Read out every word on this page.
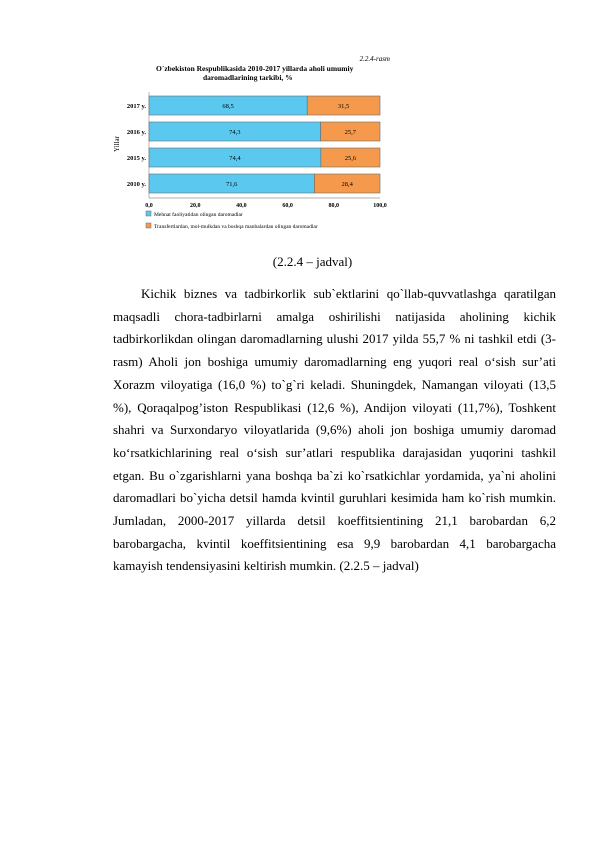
2.2.4-rasm
O`zbekiston Respublikasida 2010-2017 yillarda aholi umumiy
daromadlarining tarkibi, %
Yillar
2017 y.	68,5	31,5
2016 y.	74,3	25,7
2015 y.	74,4	25,6
2010 y.	71,6	28,4
0,0	20,0	40,0	60,0	80,0	100,0
Mehnat faoliyatidan olingan daromadlar
Transfertlardan, mol-mulkdan va boshqa manbalardan olingan daromadlar
(2.2.4 – jadval)

Kichik biznes va tadbirkorlik sub`ektlarini qo`llab-quvvatlashga qaratilgan maqsadli chora-tadbirlarni amalga oshirilishi natijasida aholining kichik tadbirkorlikdan olingan daromadlarning ulushi 2017 yilda 55,7 % ni tashkil etdi (3-rasm) Aholi jon boshiga umumiy daromadlarning eng yuqori real o‘sish sur’ati Xorazm viloyatiga (16,0 %) to`g`ri keladi. Shuningdek, Namangan viloyati (13,5 %), Qoraqalpog’iston Respublikasi (12,6 %), Andijon viloyati (11,7%), Toshkent shahri va Surxondaryo viloyatlarida (9,6%) aholi jon boshiga umumiy daromad ko‘rsatkichlarining real o‘sish sur’atlari respublika darajasidan yuqorini tashkil etgan. Bu o`zgarishlarni yana boshqa ba`zi ko`rsatkichlar yordamida, ya`ni aholini daromadlari bo`yicha detsil hamda kvintil guruhlari kesimida ham ko`rish mumkin. Jumladan, 2000-2017 yillarda detsil koeffitsientining 21,1 barobardan 6,2 barobargacha, kvintil koeffitsientining esa 9,9 barobardan 4,1 barobargacha kamayish tendensiyasini keltirish mumkin. (2.2.5 – jadval)
